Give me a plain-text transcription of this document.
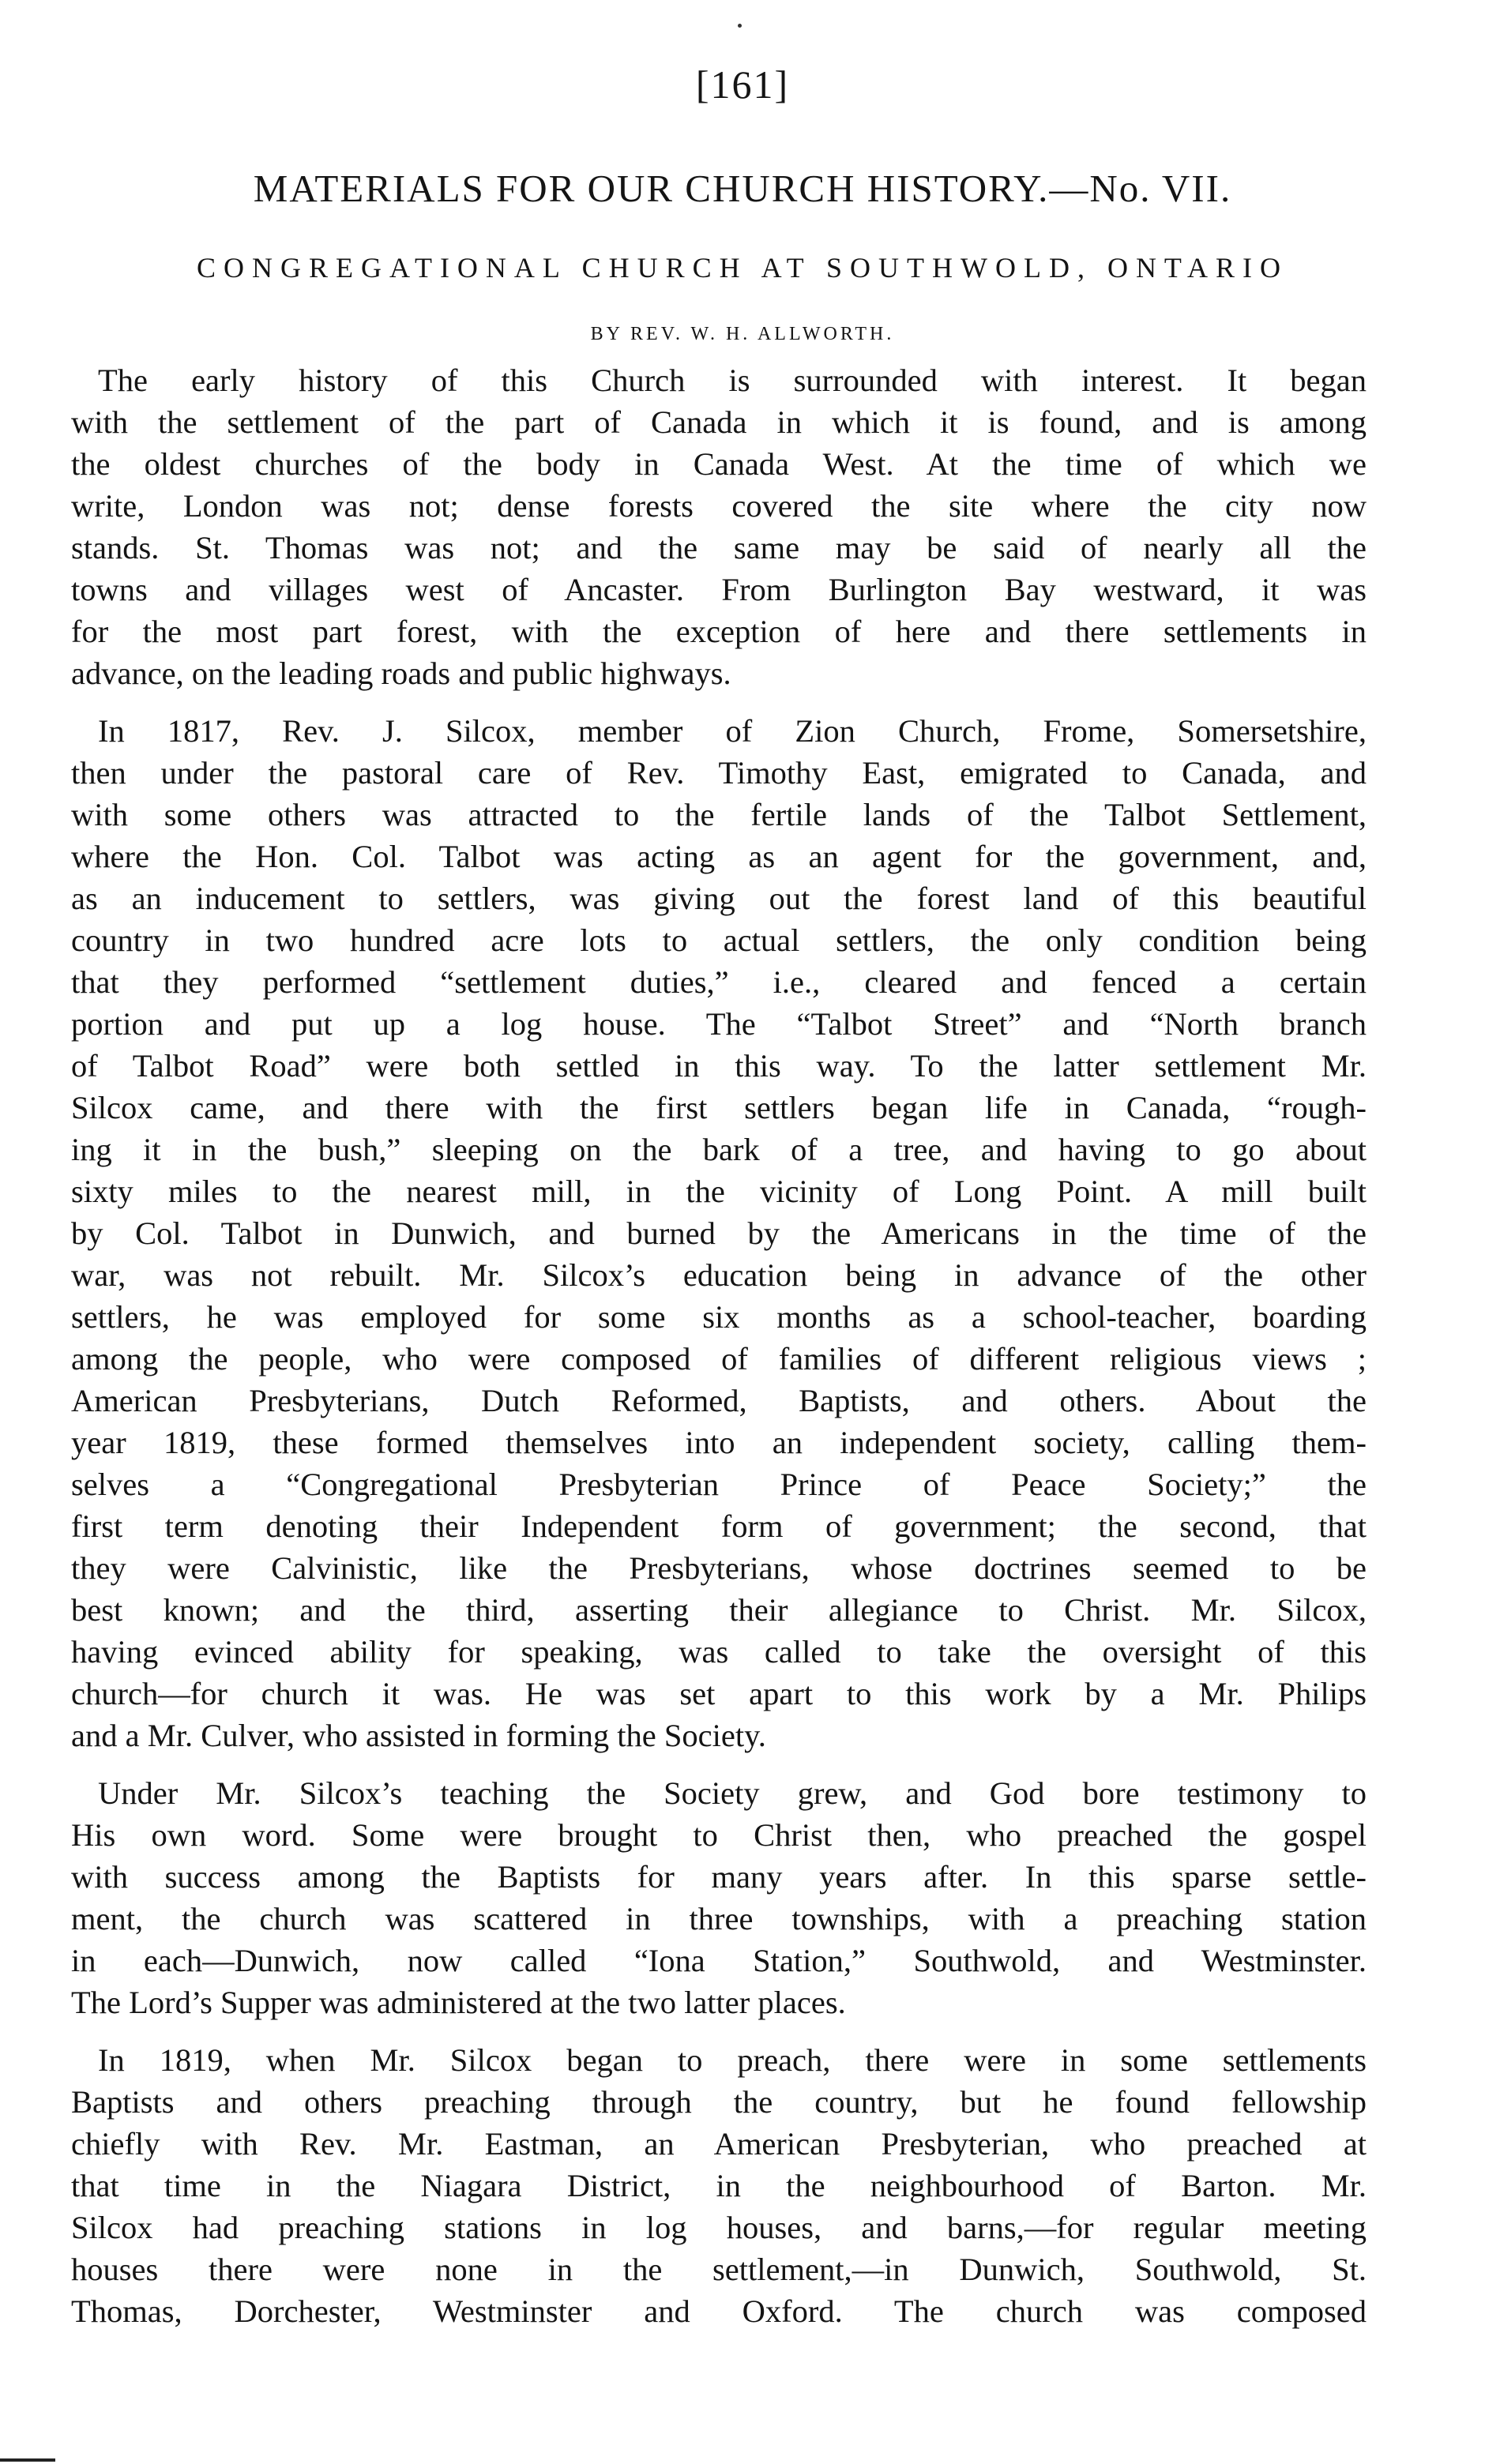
[161]
MATERIALS FOR OUR CHURCH HISTORY.—No. VII.
CONGREGATIONAL CHURCH AT SOUTHWOLD, ONTARIO
BY REV. W. H. ALLWORTH.
The early history of this Church is surrounded with interest. It began
with the settlement of the part of Canada in which it is found, and is among
the oldest churches of the body in Canada West. At the time of which we
write, London was not; dense forests covered the site where the city now
stands. St. Thomas was not; and the same may be said of nearly all the
towns and villages west of Ancaster. From Burlington Bay westward, it was
for the most part forest, with the exception of here and there settlements in
advance, on the leading roads and public highways.
In 1817, Rev. J. Silcox, member of Zion Church, Frome, Somersetshire,
then under the pastoral care of Rev. Timothy East, emigrated to Canada, and
with some others was attracted to the fertile lands of the Talbot Settlement,
where the Hon. Col. Talbot was acting as an agent for the government, and,
as an inducement to settlers, was giving out the forest land of this beautiful
country in two hundred acre lots to actual settlers, the only condition being
that they performed “settlement duties,” i.e., cleared and fenced a certain
portion and put up a log house. The “Talbot Street” and “North branch
of Talbot Road” were both settled in this way. To the latter settlement Mr.
Silcox came, and there with the first settlers began life in Canada, “rough-
ing it in the bush,” sleeping on the bark of a tree, and having to go about
sixty miles to the nearest mill, in the vicinity of Long Point. A mill built
by Col. Talbot in Dunwich, and burned by the Americans in the time of the
war, was not rebuilt. Mr. Silcox’s education being in advance of the other
settlers, he was employed for some six months as a school-teacher, boarding
among the people, who were composed of families of different religious views ;
American Presbyterians, Dutch Reformed, Baptists, and others. About the
year 1819, these formed themselves into an independent society, calling them-
selves a “Congregational Presbyterian Prince of Peace Society;” the
first term denoting their Independent form of government; the second, that
they were Calvinistic, like the Presbyterians, whose doctrines seemed to be
best known; and the third, asserting their allegiance to Christ. Mr. Silcox,
having evinced ability for speaking, was called to take the oversight of this
church—for church it was. He was set apart to this work by a Mr. Philips
and a Mr. Culver, who assisted in forming the Society.
Under Mr. Silcox’s teaching the Society grew, and God bore testimony to
His own word. Some were brought to Christ then, who preached the gospel
with success among the Baptists for many years after. In this sparse settle-
ment, the church was scattered in three townships, with a preaching station
in each—Dunwich, now called “Iona Station,” Southwold, and Westminster.
The Lord’s Supper was administered at the two latter places.
In 1819, when Mr. Silcox began to preach, there were in some settlements
Baptists and others preaching through the country, but he found fellowship
chiefly with Rev. Mr. Eastman, an American Presbyterian, who preached at
that time in the Niagara District, in the neighbourhood of Barton. Mr.
Silcox had preaching stations in log houses, and barns,—for regular meeting
houses there were none in the settlement,—in Dunwich, Southwold, St.
Thomas, Dorchester, Westminster and Oxford. The church was composed
